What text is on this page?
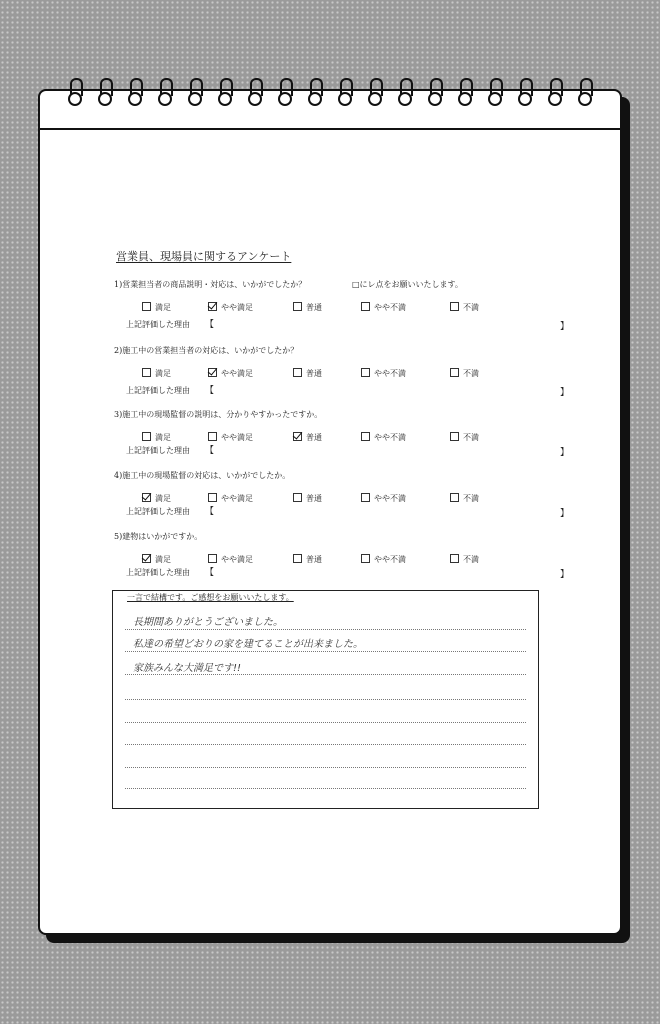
営業員、現場員に関するアンケート
□にレ点をお願いいたします。
1)営業担当者の商品説明・対応は、いかがでしたか？
満足	やや満足	普通	やや不満	不満
上記評価した理由 【	】
2)施工中の営業担当者の対応は、いかがでしたか？
満足	やや満足	普通	やや不満	不満
上記評価した理由 【	】
3)施工中の現場監督の説明は、分かりやすかったですか。
満足	やや満足	普通	やや不満	不満
上記評価した理由 【	】
4)施工中の現場監督の対応は、いかがでしたか。
満足	やや満足	普通	やや不満	不満
上記評価した理由 【	】
5)建物はいかがですか。
満足	やや満足	普通	やや不満	不満
上記評価した理由 【	】
一言で結構です。ご感想をお願いいたします。
長期間ありがとうございました。
私達の希望どおりの家を建てることが出来ました。
家族みんな大満足です!!
